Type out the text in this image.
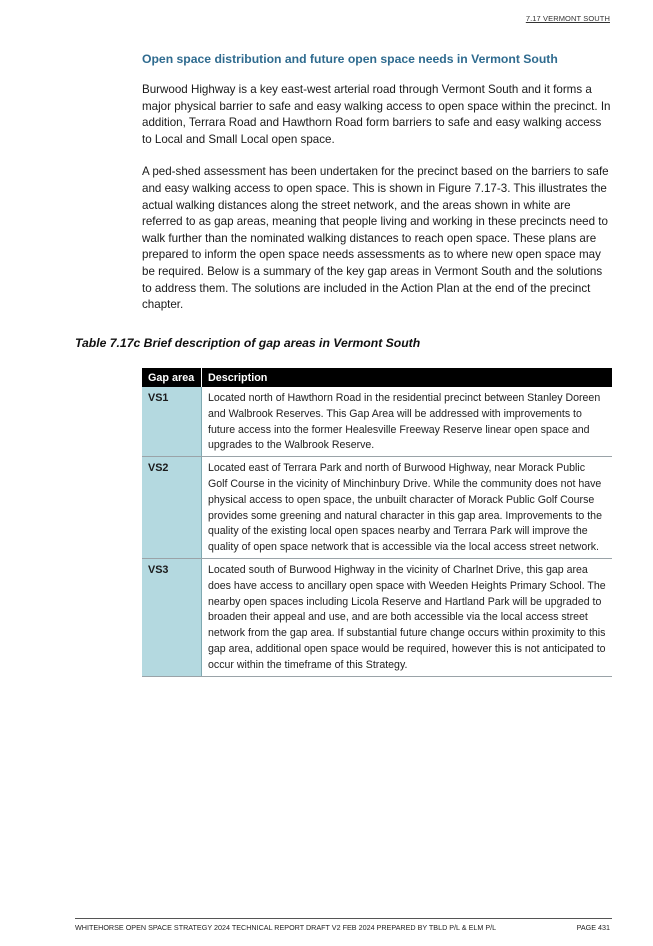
7.17 VERMONT SOUTH
Open space distribution and future open space needs in Vermont South

Burwood Highway is a key east-west arterial road through Vermont South and it forms a major physical barrier to safe and easy walking access to open space within the precinct. In addition, Terrara Road and Hawthorn Road form barriers to safe and easy walking access to Local and Small Local open space.

A ped-shed assessment has been undertaken for the precinct based on the barriers to safe and easy walking access to open space. This is shown in Figure 7.17-3. This illustrates the actual walking distances along the street network, and the areas shown in white are referred to as gap areas, meaning that people living and working in these precincts need to walk further than the nominated walking distances to reach open space. These plans are prepared to inform the open space needs assessments as to where new open space may be required. Below is a summary of the key gap areas in Vermont South and the solutions to address them. The solutions are included in the Action Plan at the end of the precinct chapter.

Table 7.17c Brief description of gap areas in Vermont South
Gap area	Description
VS1	Located north of Hawthorn Road in the residential precinct between Stanley Doreen and Walbrook Reserves. This Gap Area will be addressed with improvements to future access into the former Healesville Freeway Reserve linear open space and upgrades to the Walbrook Reserve.
VS2	Located east of Terrara Park and north of Burwood Highway, near Morack Public Golf Course in the vicinity of Minchinbury Drive. While the community does not have physical access to open space, the unbuilt character of Morack Public Golf Course provides some greening and natural character in this gap area. Improvements to the quality of the existing local open spaces nearby and Terrara Park will improve the quality of open space network that is accessible via the local access street network.
VS3	Located south of Burwood Highway in the vicinity of Charlnet Drive, this gap area does have access to ancillary open space with Weeden Heights Primary School. The nearby open spaces including Licola Reserve and Hartland Park will be upgraded to broaden their appeal and use, and are both accessible via the local access street network from the gap area. If substantial future change occurs within proximity to this gap area, additional open space would be required, however this is not anticipated to occur within the timeframe of this Strategy.
WHITEHORSE OPEN SPACE STRATEGY 2024 TECHNICAL REPORT DRAFT V2 FEB 2024 PREPARED BY TBLD P/L & ELM P/L	PAGE 431
